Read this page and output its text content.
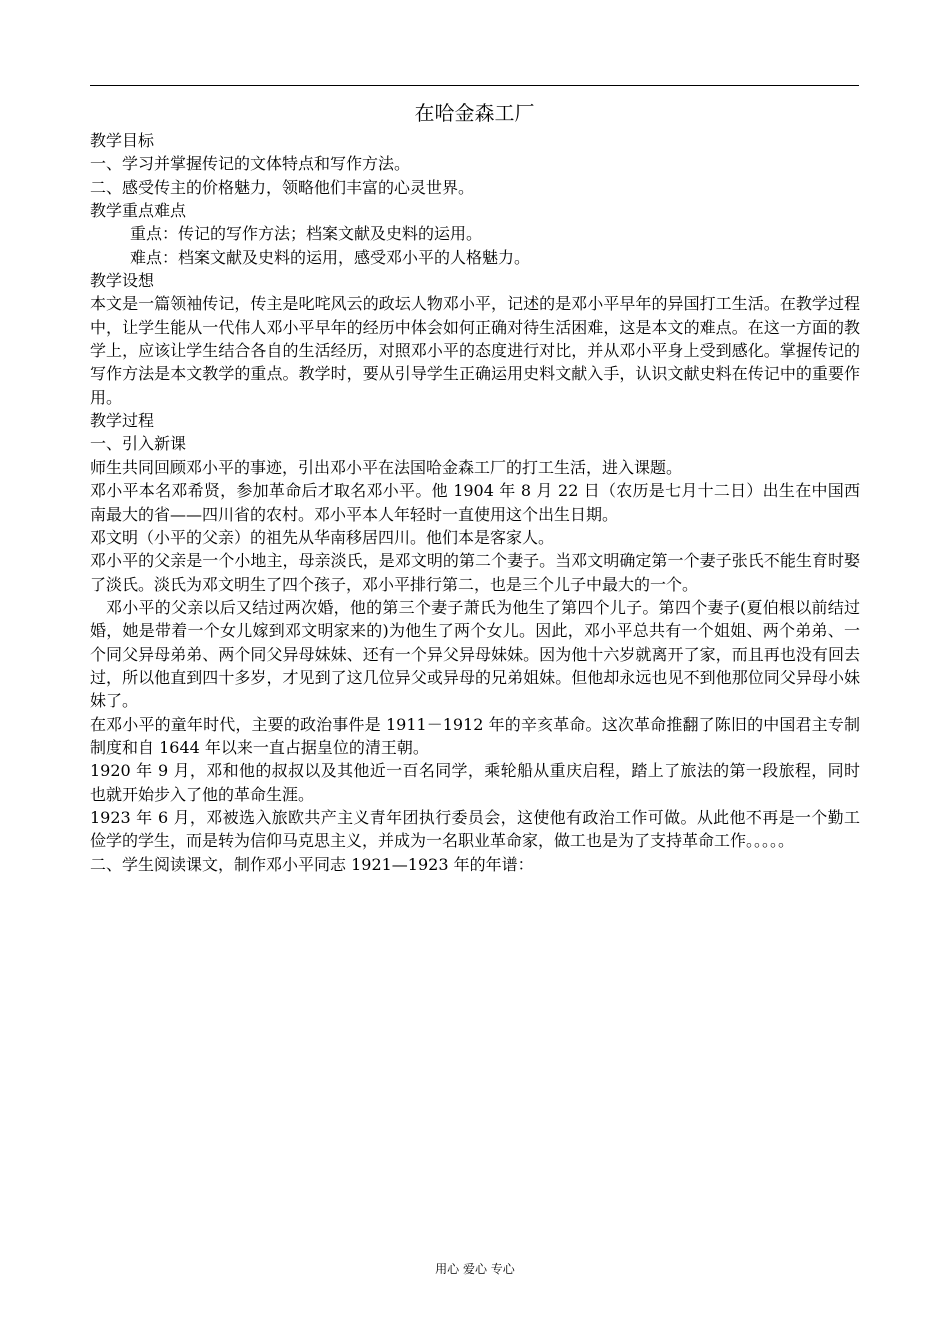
在哈金森工厂

教学目标

一、学习并掌握传记的文体特点和写作方法。

二、感受传主的价格魅力，领略他们丰富的心灵世界。

教学重点难点

重点：传记的写作方法；档案文献及史料的运用。

难点：档案文献及史料的运用，感受邓小平的人格魅力。

教学设想

本文是一篇领袖传记，传主是叱咤风云的政坛人物邓小平，记述的是邓小平早年的异国打工生活。在教学过程中，让学生能从一代伟人邓小平早年的经历中体会如何正确对待生活困难，这是本文的难点。在这一方面的教学上，应该让学生结合各自的生活经历，对照邓小平的态度进行对比，并从邓小平身上受到感化。掌握传记的写作方法是本文教学的重点。教学时，要从引导学生正确运用史料文献入手，认识文献史料在传记中的重要作用。

教学过程

一、引入新课

师生共同回顾邓小平的事迹，引出邓小平在法国哈金森工厂的打工生活，进入课题。

邓小平本名邓希贤，参加革命后才取名邓小平。他 1904 年 8 月 22 日（农历是七月十二日）出生在中国西南最大的省——四川省的农村。邓小平本人年轻时一直使用这个出生日期。

邓文明（小平的父亲）的祖先从华南移居四川。他们本是客家人。

邓小平的父亲是一个小地主，母亲淡氏，是邓文明的第二个妻子。当邓文明确定第一个妻子张氏不能生育时娶了淡氏。淡氏为邓文明生了四个孩子，邓小平排行第二，也是三个儿子中最大的一个。

邓小平的父亲以后又结过两次婚，他的第三个妻子萧氏为他生了第四个儿子。第四个妻子(夏伯根以前结过婚，她是带着一个女儿嫁到邓文明家来的)为他生了两个女儿。因此，邓小平总共有一个姐姐、两个弟弟、一个同父异母弟弟、两个同父异母妹妹、还有一个异父异母妹妹。因为他十六岁就离开了家，而且再也没有回去过，所以他直到四十多岁，才见到了这几位异父或异母的兄弟姐妹。但他却永远也见不到他那位同父异母小妹妹了。

在邓小平的童年时代，主要的政治事件是 1911－1912 年的辛亥革命。这次革命推翻了陈旧的中国君主专制制度和自 1644 年以来一直占据皇位的清王朝。

1920 年 9 月，邓和他的叔叔以及其他近一百名同学，乘轮船从重庆启程，踏上了旅法的第一段旅程，同时也就开始步入了他的革命生涯。

1923 年 6 月，邓被选入旅欧共产主义青年团执行委员会，这使他有政治工作可做。从此他不再是一个勤工俭学的学生，而是转为信仰马克思主义，并成为一名职业革命家，做工也是为了支持革命工作。。。。。

二、学生阅读课文，制作邓小平同志 1921—1923 年的年谱：

用心 爱心 专心
